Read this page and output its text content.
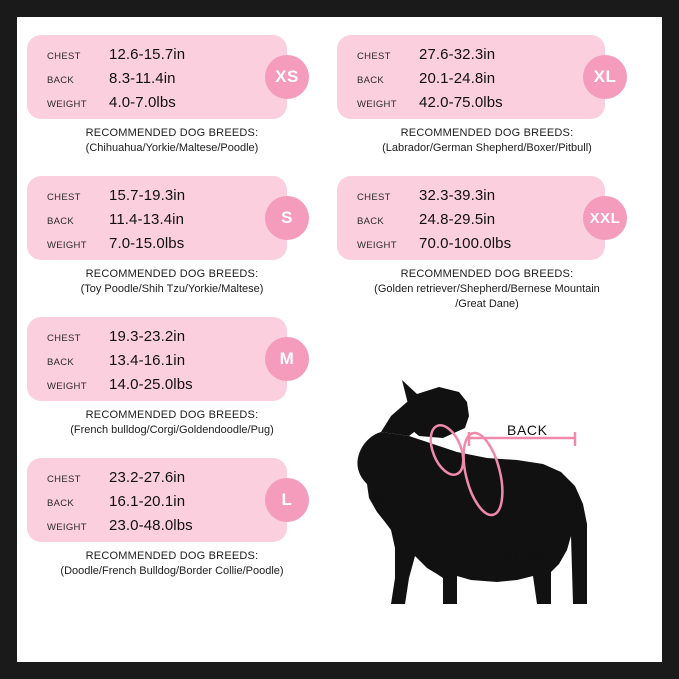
CHEST	12.6-15.7in
BACK	8.3-11.4in
WEIGHT	4.0-7.0lbs
XS
RECOMMENDED DOG BREEDS:
(Chihuahua/Yorkie/Maltese/Poodle)
CHEST	15.7-19.3in
BACK	11.4-13.4in
WEIGHT	7.0-15.0lbs
S
RECOMMENDED DOG BREEDS:
(Toy Poodle/Shih Tzu/Yorkie/Maltese)
CHEST	19.3-23.2in
BACK	13.4-16.1in
WEIGHT	14.0-25.0lbs
M
RECOMMENDED DOG BREEDS:
(French bulldog/Corgi/Goldendoodle/Pug)
CHEST	23.2-27.6in
BACK	16.1-20.1in
WEIGHT	23.0-48.0lbs
L
RECOMMENDED DOG BREEDS:
(Doodle/French Bulldog/Border Collie/Poodle)
CHEST	27.6-32.3in
BACK	20.1-24.8in
WEIGHT	42.0-75.0lbs
XL
RECOMMENDED DOG BREEDS:
(Labrador/German Shepherd/Boxer/Pitbull)
CHEST	32.3-39.3in
BACK	24.8-29.5in
WEIGHT	70.0-100.0lbs
XXL
RECOMMENDED DOG BREEDS:
(Golden retriever/Shepherd/Bernese Mountain
/Great Dane)
BACK
NECK
CHEST
